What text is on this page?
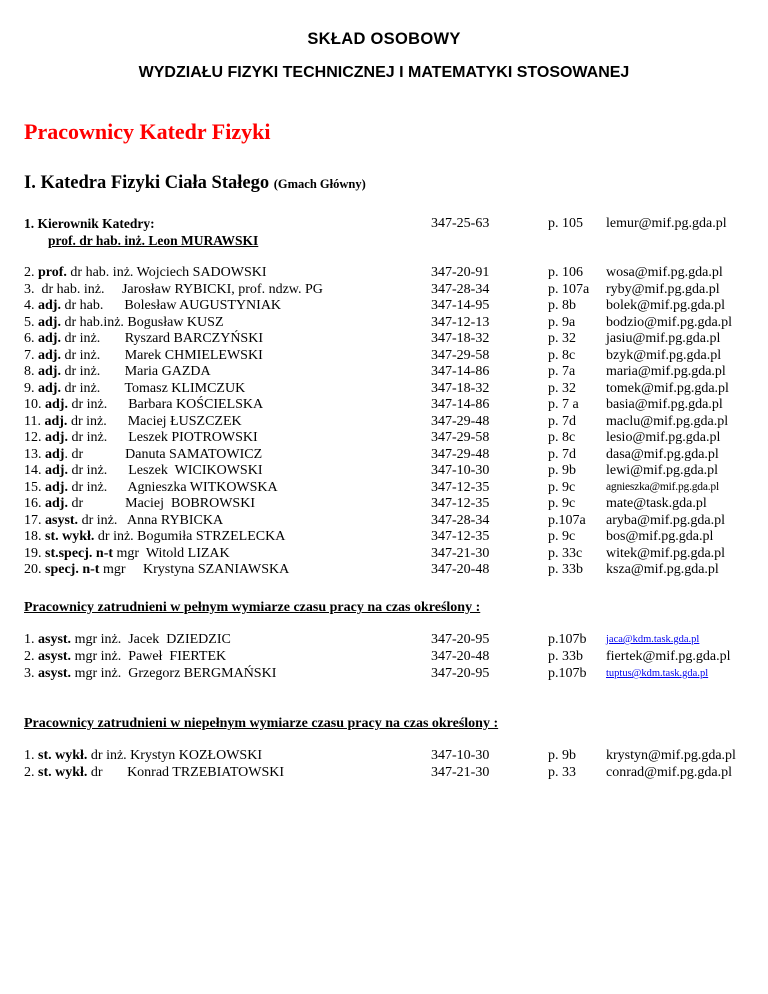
SKŁAD OSOBOWY
WYDZIAŁU FIZYKI TECHNICZNEJ I MATEMATYKI STOSOWANEJ
Pracownicy Katedr Fizyki
I. Katedra Fizyki Ciała Stałego (Gmach Główny)
1. Kierownik Katedry:	347-25-63	p. 105 lemur@mif.pg.gda.pl
prof. dr hab. inż. Leon MURAWSKI
2. prof. dr hab. inż. Wojciech SADOWSKI	347-20-91	p. 106 wosa@mif.pg.gda.pl
3.  dr hab. inż.     Jarosław RYBICKI, prof. ndzw. PG	347-28-34	p. 107a ryby@mif.pg.gda.pl
4. adj. dr hab.      Bolesław AUGUSTYNIAK	347-14-95	p. 8b bolek@mif.pg.gda.pl
5. adj. dr hab.inż. Bogusław KUSZ	347-12-13	p. 9a bodzio@mif.pg.gda.pl
6. adj. dr inż.       Ryszard BARCZYŃSKI	347-18-32	p. 32 jasiu@mif.pg.gda.pl
7. adj. dr inż.       Marek CHMIELEWSKI	347-29-58	p. 8c bzyk@mif.pg.gda.pl
8. adj. dr inż.       Maria GAZDA	347-14-86	p. 7a maria@mif.pg.gda.pl
9. adj. dr inż.       Tomasz KLIMCZUK	347-18-32	p. 32 tomek@mif.pg.gda.pl
10. adj. dr inż.      Barbara KOŚCIELSKA	347-14-86	p. 7 a basia@mif.pg.gda.pl
11. adj. dr inż.      Maciej ŁUSZCZEK	347-29-48	p. 7d maclu@mif.pg.gda.pl
12. adj. dr inż.      Leszek PIOTROWSKI	347-29-58	p. 8c lesio@mif.pg.gda.pl
13. adj. dr            Danuta SAMATOWICZ	347-29-48	p. 7d dasa@mif.pg.gda.pl
14. adj. dr inż.      Leszek  WICIKOWSKI	347-10-30	p. 9b lewi@mif.pg.gda.pl
15. adj. dr inż.      Agnieszka WITKOWSKA	347-12-35	p. 9c	agnieszka@mif.pg.gda.pl
16. adj. dr            Maciej  BOBROWSKI	347-12-35	p. 9c mate@task.gda.pl
17. asyst. dr inż.   Anna RYBICKA	347-28-34	p.107a aryba@mif.pg.gda.pl
18. st. wykł. dr inż. Bogumiła STRZELECKA	347-12-35	p. 9c bos@mif.pg.gda.pl
19. st.specj. n-t mgr  Witold LIZAK	347-21-30	p. 33c witek@mif.pg.gda.pl
20. specj. n-t mgr     Krystyna SZANIAWSKA	347-20-48	p. 33b ksza@mif.pg.gda.pl
Pracownicy zatrudnieni w pełnym wymiarze czasu pracy na czas określony :
1. asyst. mgr inż.  Jacek  DZIEDZIC	347-20-95	p.107b jaca@kdm.task.gda.pl
2. asyst. mgr inż.  Paweł  FIERTEK	347-20-48	p. 33b fiertek@mif.pg.gda.pl
3. asyst. mgr inż.  Grzegorz BERGMAŃSKI	347-20-95	p.107b tuptus@kdm.task.gda.pl
Pracownicy zatrudnieni w niepełnym wymiarze czasu pracy na czas określony :
1. st. wykł. dr inż. Krystyn KOZŁOWSKI	347-10-30	p. 9b krystyn@mif.pg.gda.pl
2. st. wykł. dr       Konrad TRZEBIATOWSKI	347-21-30	p. 33 conrad@mif.pg.gda.pl
